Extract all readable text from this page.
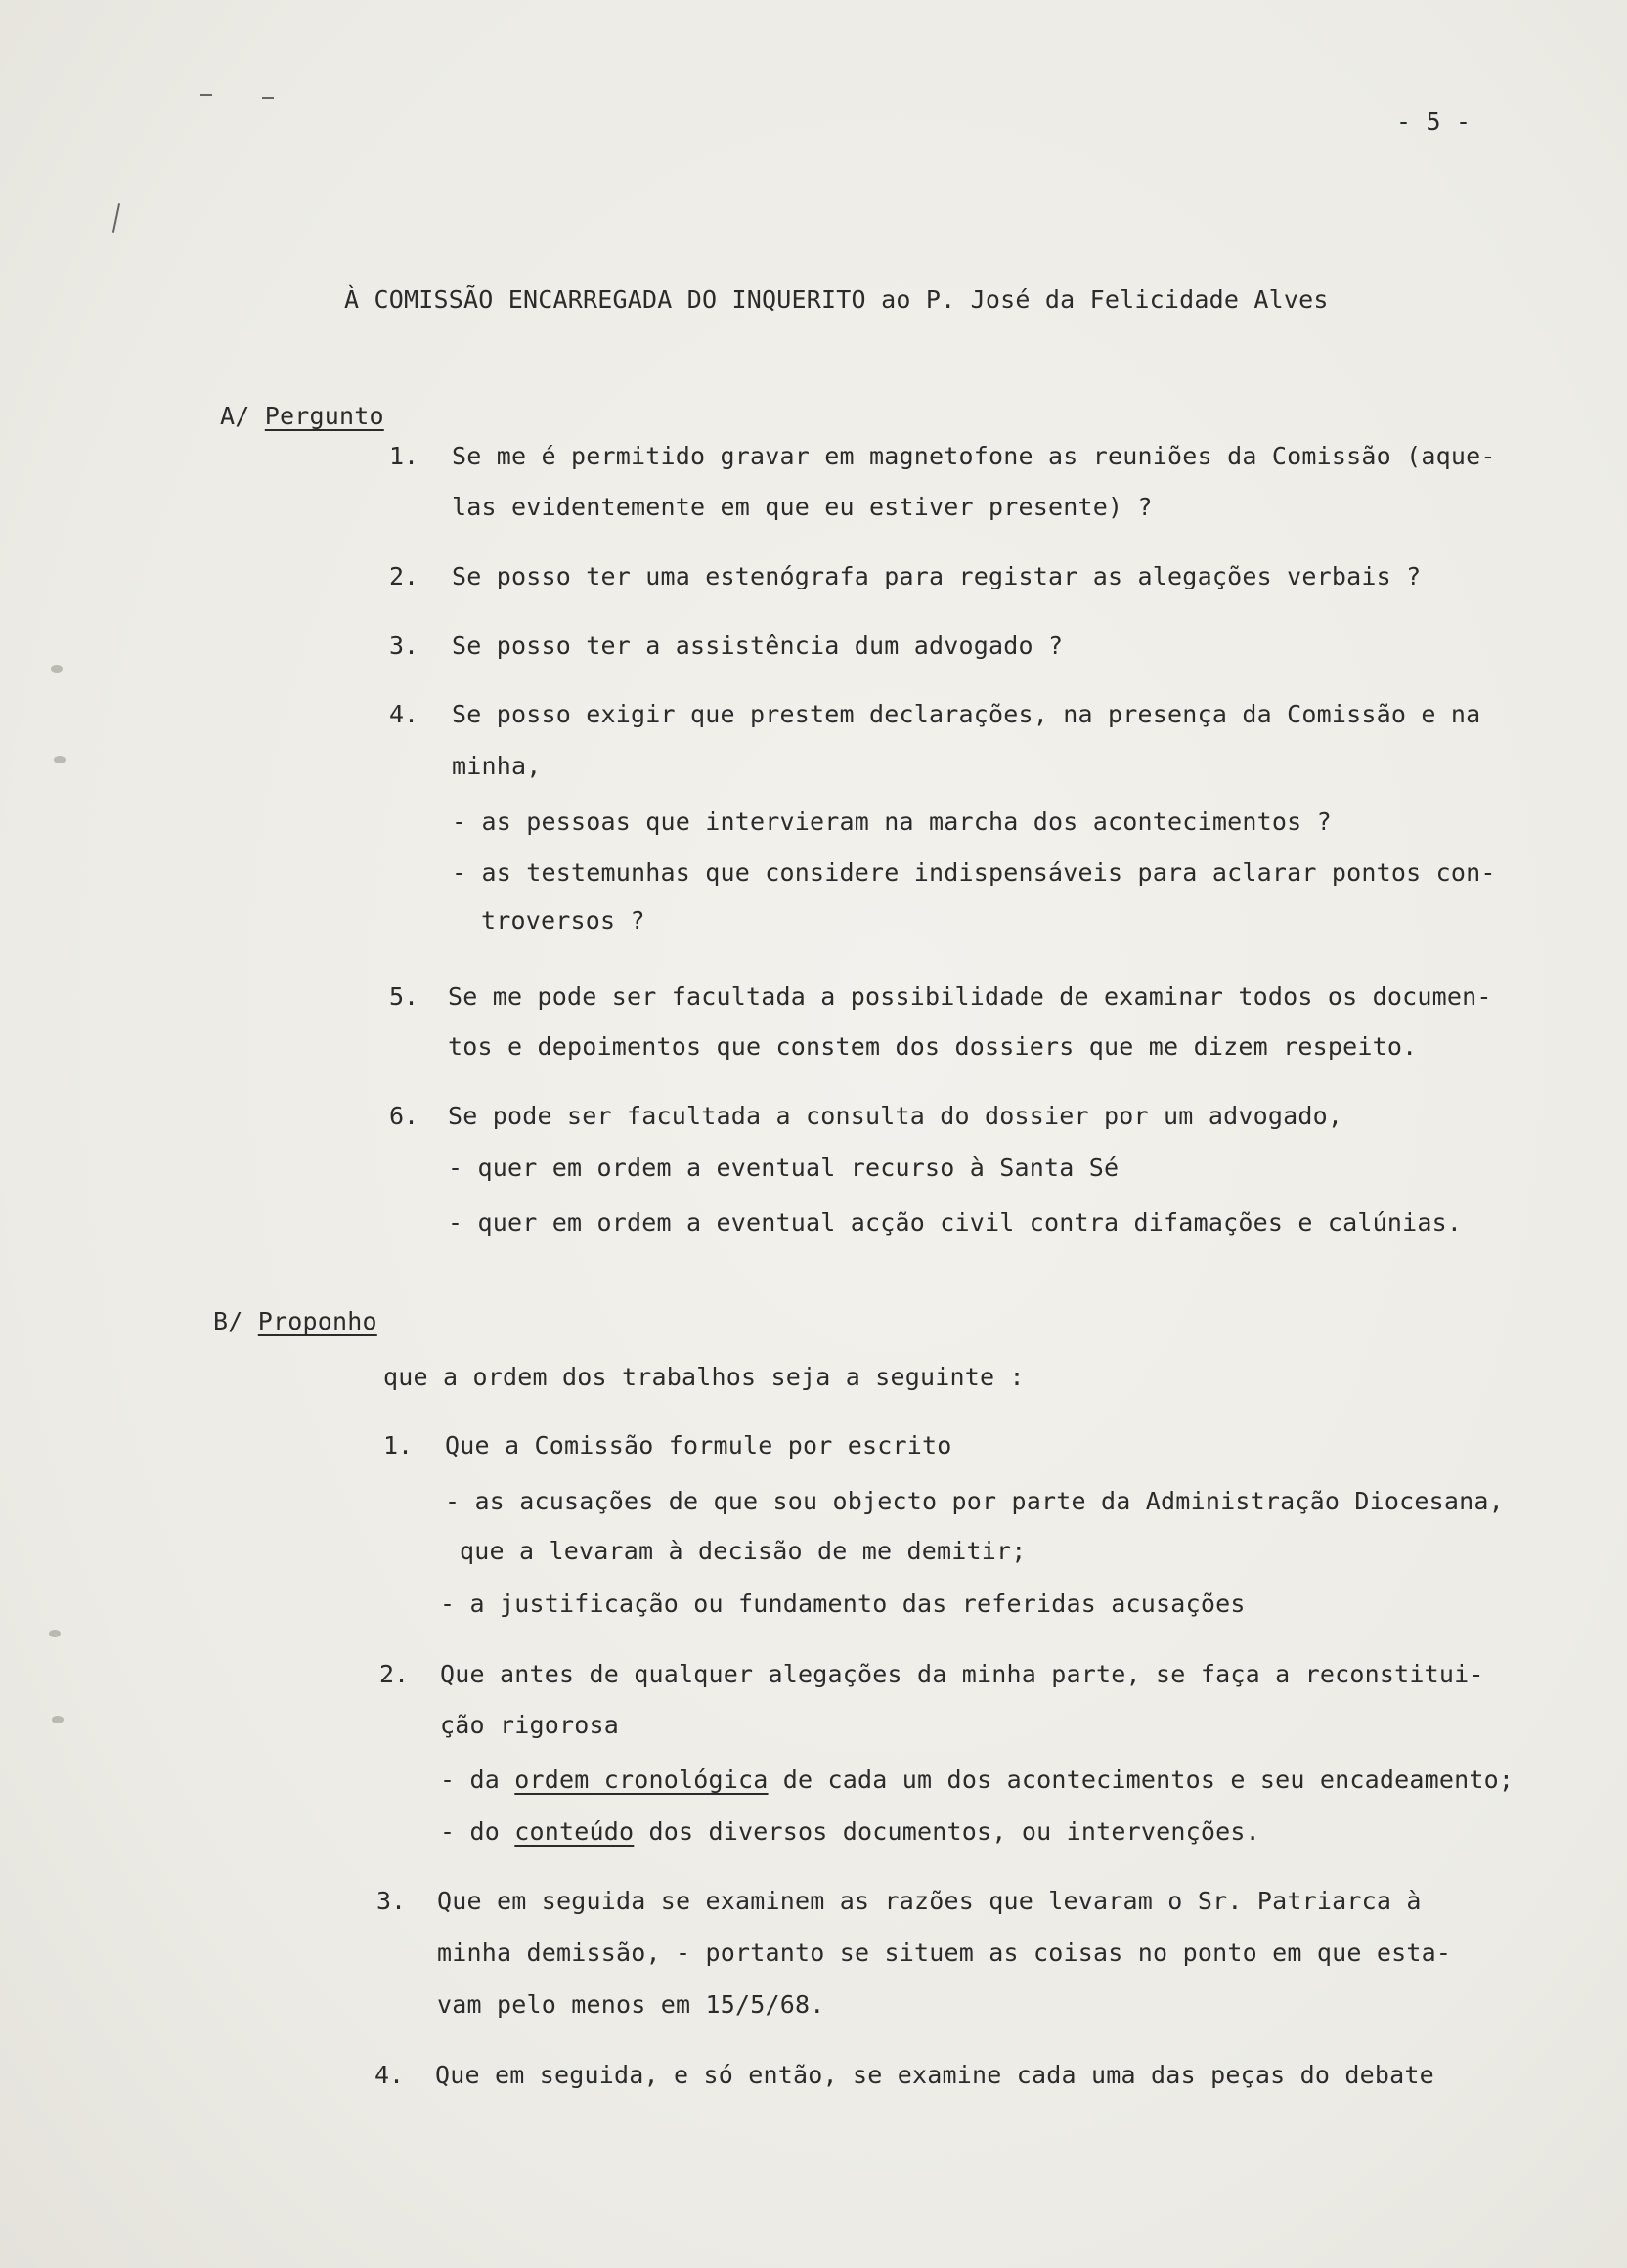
- 5 -
À COMISSÃO ENCARREGADA DO INQUERITO ao P. José da Felicidade Alves
A/ Pergunto
1. Se me é permitido gravar em magnetofone as reuniões da Comissão (aque-
las evidentemente em que eu estiver presente) ?
2. Se posso ter uma estenógrafa para registar as alegações verbais ?
3. Se posso ter a assistência dum advogado ?
4. Se posso exigir que prestem declarações, na presença da Comissão e na
minha,
- as pessoas que intervieram na marcha dos acontecimentos ?
- as testemunhas que considere indispensáveis para aclarar pontos con-
troversos ?
5. Se me pode ser facultada a possibilidade de examinar todos os documen-
tos e depoimentos que constem dos dossiers que me dizem respeito.
6. Se pode ser facultada a consulta do dossier por um advogado,
- quer em ordem a eventual recurso à Santa Sé
- quer em ordem a eventual acção civil contra difamações e calúnias.
B/ Proponho
que a ordem dos trabalhos seja a seguinte :
1. Que a Comissão formule por escrito
- as acusações de que sou objecto por parte da Administração Diocesana,
que a levaram à decisão de me demitir;
- a justificação ou fundamento das referidas acusações
2. Que antes de qualquer alegações da minha parte, se faça a reconstitui-
ção rigorosa
- da ordem cronológica de cada um dos acontecimentos e seu encadeamento;
- do conteúdo dos diversos documentos, ou intervenções.
3. Que em seguida se examinem as razões que levaram o Sr. Patriarca à
minha demissão, - portanto se situem as coisas no ponto em que esta-
vam pelo menos em 15/5/68.
4. Que em seguida, e só então, se examine cada uma das peças do debate
